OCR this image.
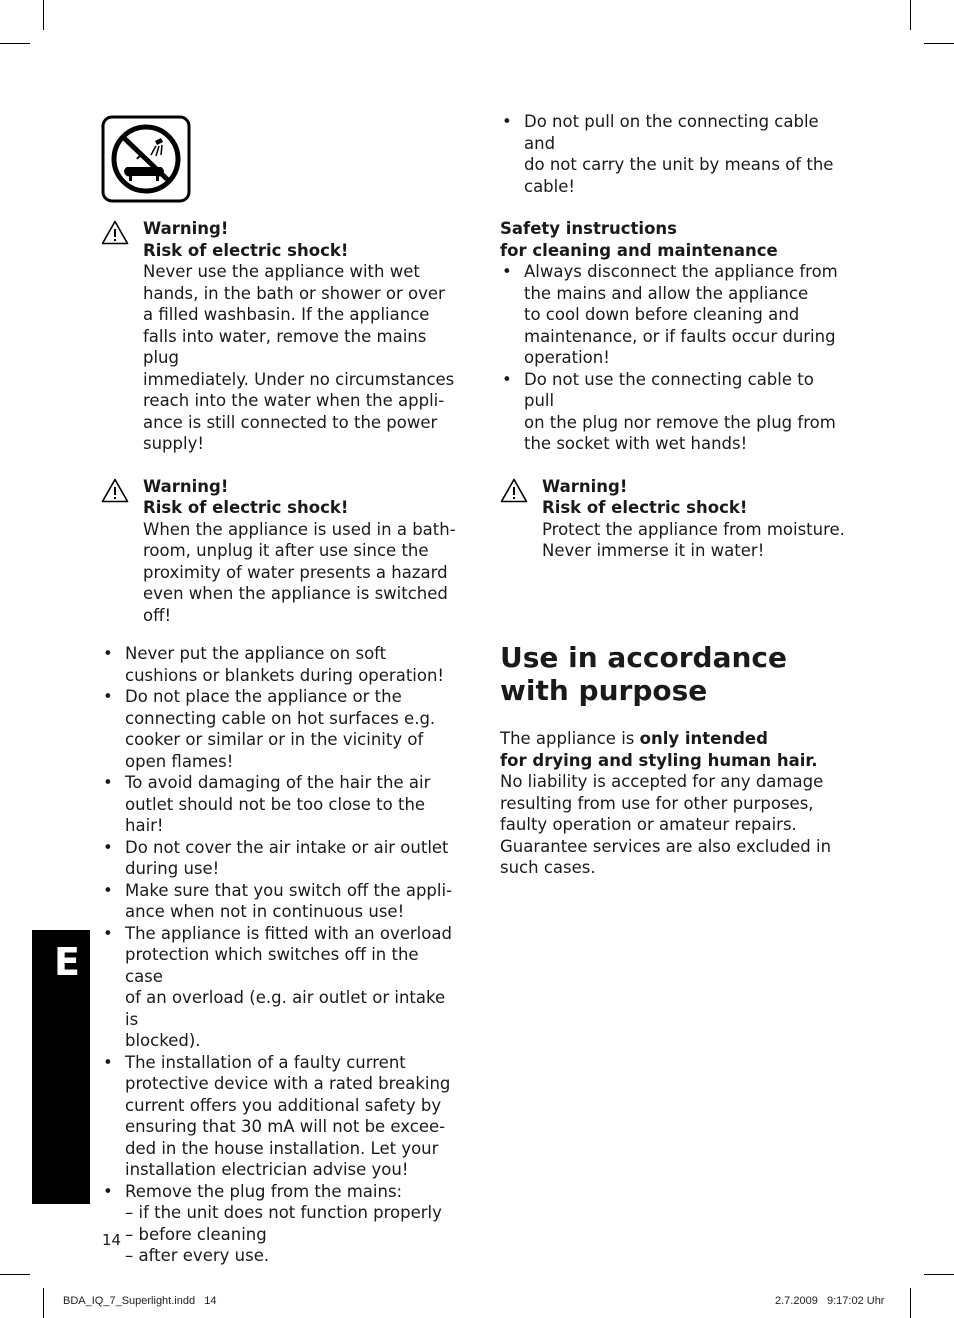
Warning!

Risk of electric shock!

Never use the appliance with wet

hands, in the bath or shower or over

a filled washbasin. If the appliance

falls into water, remove the mains plug

immediately. Under no circumstances

reach into the water when the appli-

ance is still connected to the power

supply!

Warning!

Risk of electric shock!

When the appliance is used in a bath-

room, unplug it after use since the

proximity of water presents a hazard

even when the appliance is switched

off!

• Never put the appliance on soft

cushions or blankets during operation!

• Do not place the appliance or the

connecting cable on hot surfaces e.g.

cooker or similar or in the vicinity of

open flames!

• To avoid damaging of the hair the air

outlet should not be too close to the

hair!

• Do not cover the air intake or air outlet

during use!

• Make sure that you switch off the appli-

ance when not in continuous use!

• The appliance is fitted with an overload

protection which switches off in the case

of an overload (e.g. air outlet or intake is

blocked).

• The installation of a faulty current

protective device with a rated breaking

current offers you additional safety by

ensuring that 30 mA will not be excee-

ded in the house installation. Let your

installation electrician advise you!

• Remove the plug from the mains:

– if the unit does not function properly

– before cleaning

– after every use.

• Do not pull on the connecting cable and

do not carry the unit by means of the

cable!

Safety instructions

for cleaning and maintenance

• Always disconnect the appliance from

the mains and allow the appliance

to cool down before cleaning and

maintenance, or if faults occur during

operation!

• Do not use the connecting cable to pull

on the plug nor remove the plug from

the socket with wet hands!

Warning!

Risk of electric shock!

Protect the appliance from moisture.

Never immerse it in water!

Use in accordance

with purpose

The appliance is only intended

for drying and styling human hair.

No liability is accepted for any damage

resulting from use for other purposes,

faulty operation or amateur repairs.

Guarantee services are also excluded in

such cases.

E
14
BDA_IQ_7_Superlight.indd   14	2.7.2009   9:17:02 Uhr
